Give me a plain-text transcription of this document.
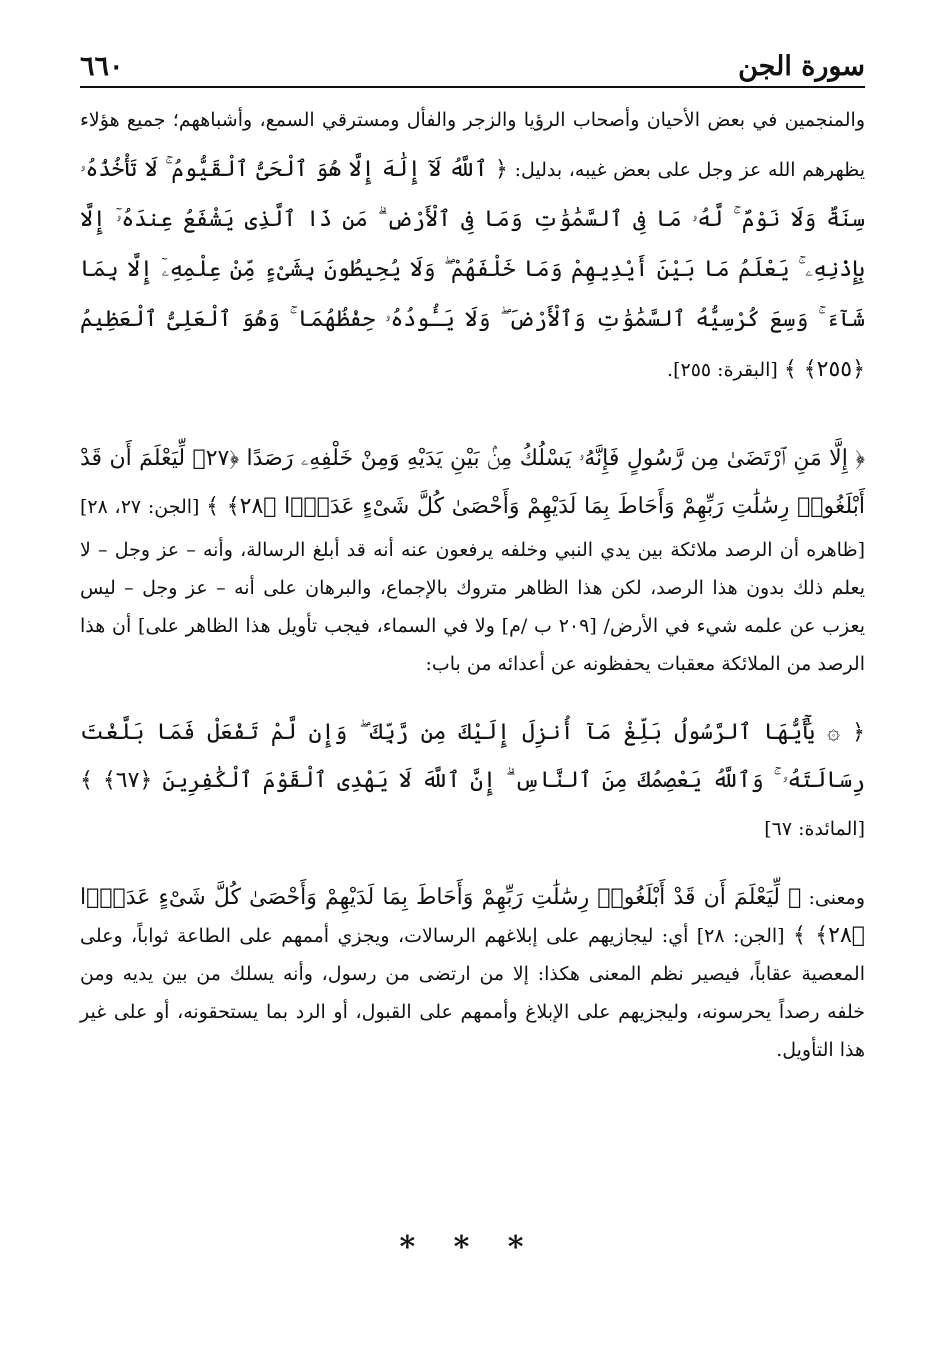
سورة الجن
٦٦٠

والمنجمين في بعض الأحيان وأصحاب الرؤيا والزجر والفأل ومسترقي السمع، وأشباههم؛ جميع هؤلاء يظهرهم الله عز وجل على بعض غيبه، بدليل: ﴿ ٱللَّهُ لَآ إِلَٰهَ إِلَّا هُوَ ٱلْحَىُّ ٱلْقَيُّومُ ۚ لَا تَأْخُذُهُۥ سِنَةٌ وَلَا نَوْمٌ ۚ لَّهُۥ مَا فِى ٱلسَّمَٰوَٰتِ وَمَا فِى ٱلْأَرْضِ ۗ مَن ذَا ٱلَّذِى يَشْفَعُ عِندَهُۥٓ إِلَّا بِإِذْنِهِۦ ۚ يَعْلَمُ مَا بَيْنَ أَيْدِيهِمْ وَمَا خَلْفَهُمْ ۖ وَلَا يُحِيطُونَ بِشَىْءٍ مِّنْ عِلْمِهِۦٓ إِلَّا بِمَا شَآءَ ۚ وَسِعَ كُرْسِيُّهُ ٱلسَّمَٰوَٰتِ وَٱلْأَرْضَ ۖ وَلَا يَـُٔودُهُۥ حِفْظُهُمَا ۚ وَهُوَ ٱلْعَلِىُّ ٱلْعَظِيمُ ﴿٢٥٥﴾ ﴾ [البقرة: ٢٥٥].

﴿ إِلَّا مَنِ ٱرْتَضَىٰ مِن رَّسُولٍ فَإِنَّهُۥ يَسْلُكُ مِنۢ بَيْنِ يَدَيْهِ وَمِنْ خَلْفِهِۦ رَصَدًا ﴿٢٧﴾ لِّيَعْلَمَ أَن قَدْ أَبْلَغُوا۟ رِسَٰلَٰتِ رَبِّهِمْ وَأَحَاطَ بِمَا لَدَيْهِمْ وَأَحْصَىٰ كُلَّ شَىْءٍ عَدَدًۢا ﴿٢٨﴾ ﴾ [الجن: ٢٧، ٢٨] [ظاهره أن الرصد ملائكة بين يدي النبي وخلفه يرفعون عنه أنه قد أبلغ الرسالة، وأنه – عز وجل – لا يعلم ذلك بدون هذا الرصد، لكن هذا الظاهر متروك بالإجماع، والبرهان على أنه – عز وجل – ليس يعزب عن علمه شيء في الأرض/ [٢٠٩ ب /م] ولا في السماء، فيجب تأويل هذا الظاهر على] أن هذا الرصد من الملائكة معقبات يحفظونه عن أعدائه من باب:

﴿ ۞ يَٰٓأَيُّهَا ٱلرَّسُولُ بَلِّغْ مَآ أُنزِلَ إِلَيْكَ مِن رَّبِّكَ ۖ وَإِن لَّمْ تَفْعَلْ فَمَا بَلَّغْتَ رِسَالَتَهُۥ ۚ وَٱللَّهُ يَعْصِمُكَ مِنَ ٱلنَّاسِ ۗ إِنَّ ٱللَّهَ لَا يَهْدِى ٱلْقَوْمَ ٱلْكَٰفِرِينَ ﴿٦٧﴾ ﴾ [المائدة: ٦٧]

ومعنى: ﴿ لِّيَعْلَمَ أَن قَدْ أَبْلَغُوا۟ رِسَٰلَٰتِ رَبِّهِمْ وَأَحَاطَ بِمَا لَدَيْهِمْ وَأَحْصَىٰ كُلَّ شَىْءٍ عَدَدًۢا ﴿٢٨﴾ ﴾ [الجن: ٢٨] أي: ليجازيهم على إبلاغهم الرسالات، ويجزي أممهم على الطاعة ثواباً، وعلى المعصية عقاباً، فيصير نظم المعنى هكذا: إلا من ارتضى من رسول، وأنه يسلك من بين يديه ومن خلفه رصداً يحرسونه، وليجزيهم على الإبلاغ وأممهم على القبول، أو الرد بما يستحقونه، أو على غير هذا التأويل.

* * *
